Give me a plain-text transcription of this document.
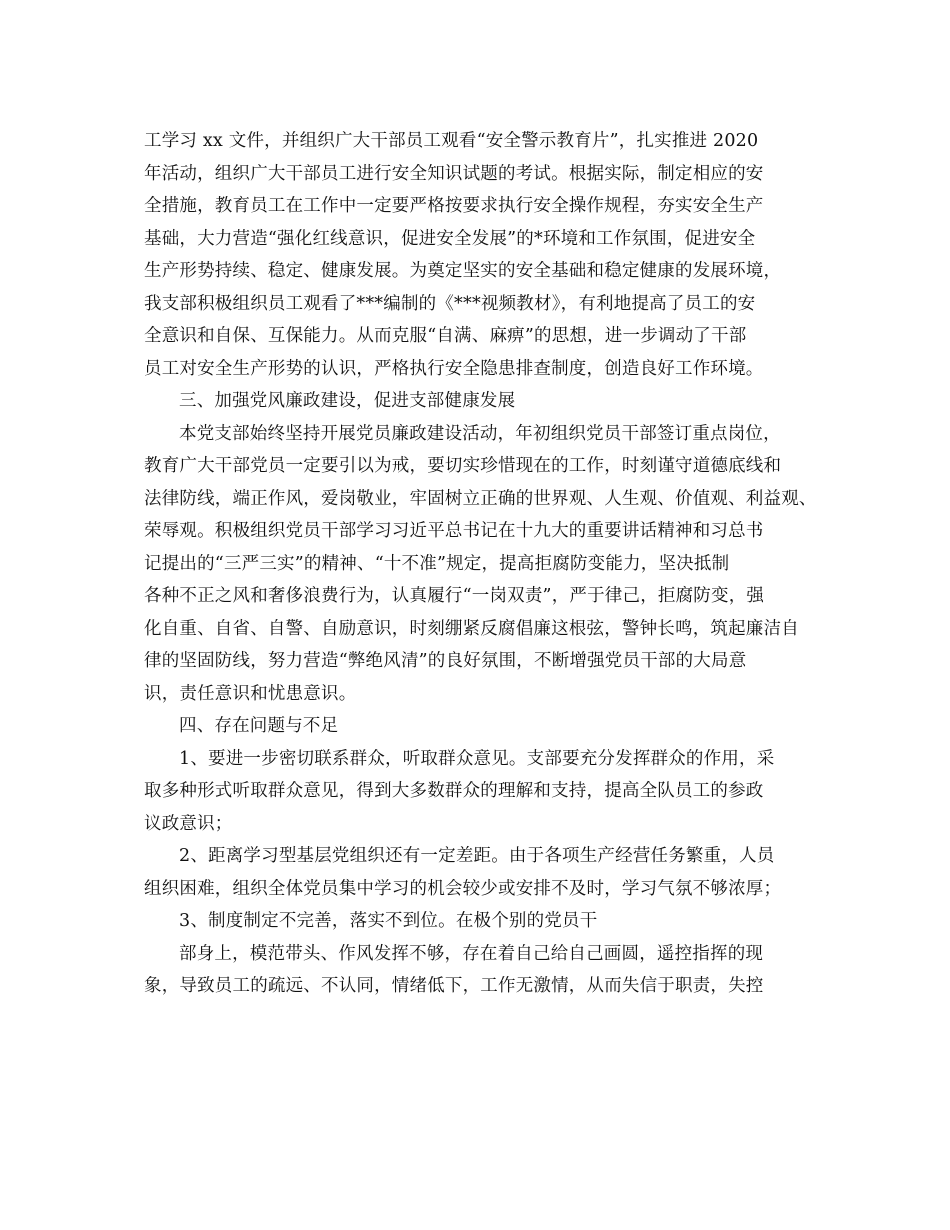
工学习 xx 文件，并组织广大干部员工观看“安全警示教育片”，扎实推进 2020
年活动，组织广大干部员工进行安全知识试题的考试。根据实际，制定相应的安
全措施，教育员工在工作中一定要严格按要求执行安全操作规程，夯实安全生产
基础，大力营造“强化红线意识，促进安全发展”的*环境和工作氛围，促进安全
生产形势持续、稳定、健康发展。为奠定坚实的安全基础和稳定健康的发展环境，
我支部积极组织员工观看了***编制的《***视频教材》，有利地提高了员工的安
全意识和自保、互保能力。从而克服“自满、麻痹”的思想，进一步调动了干部
员工对安全生产形势的认识，严格执行安全隐患排查制度，创造良好工作环境。
三、加强党风廉政建设，促进支部健康发展
本党支部始终坚持开展党员廉政建设活动，年初组织党员干部签订重点岗位，
教育广大干部党员一定要引以为戒，要切实珍惜现在的工作，时刻谨守道德底线和
法律防线，端正作风，爱岗敬业，牢固树立正确的世界观、人生观、价值观、利益观、
荣辱观。积极组织党员干部学习习近平总书记在十九大的重要讲话精神和习总书
记提出的“三严三实”的精神、“十不准”规定，提高拒腐防变能力，坚决抵制
各种不正之风和奢侈浪费行为，认真履行“一岗双责”，严于律己，拒腐防变，强
化自重、自省、自警、自励意识，时刻绷紧反腐倡廉这根弦，警钟长鸣，筑起廉洁自
律的坚固防线，努力营造“弊绝风清”的良好氛围，不断增强党员干部的大局意
识，责任意识和忧患意识。
四、存在问题与不足
1、要进一步密切联系群众，听取群众意见。支部要充分发挥群众的作用，采
取多种形式听取群众意见，得到大多数群众的理解和支持，提高全队员工的参政
议政意识；
2、距离学习型基层党组织还有一定差距。由于各项生产经营任务繁重，人员
组织困难，组织全体党员集中学习的机会较少或安排不及时，学习气氛不够浓厚；
3、制度制定不完善，落实不到位。在极个别的党员干
部身上，模范带头、作风发挥不够，存在着自己给自己画圆，遥控指挥的现
象，导致员工的疏远、不认同，情绪低下，工作无激情，从而失信于职责，失控
